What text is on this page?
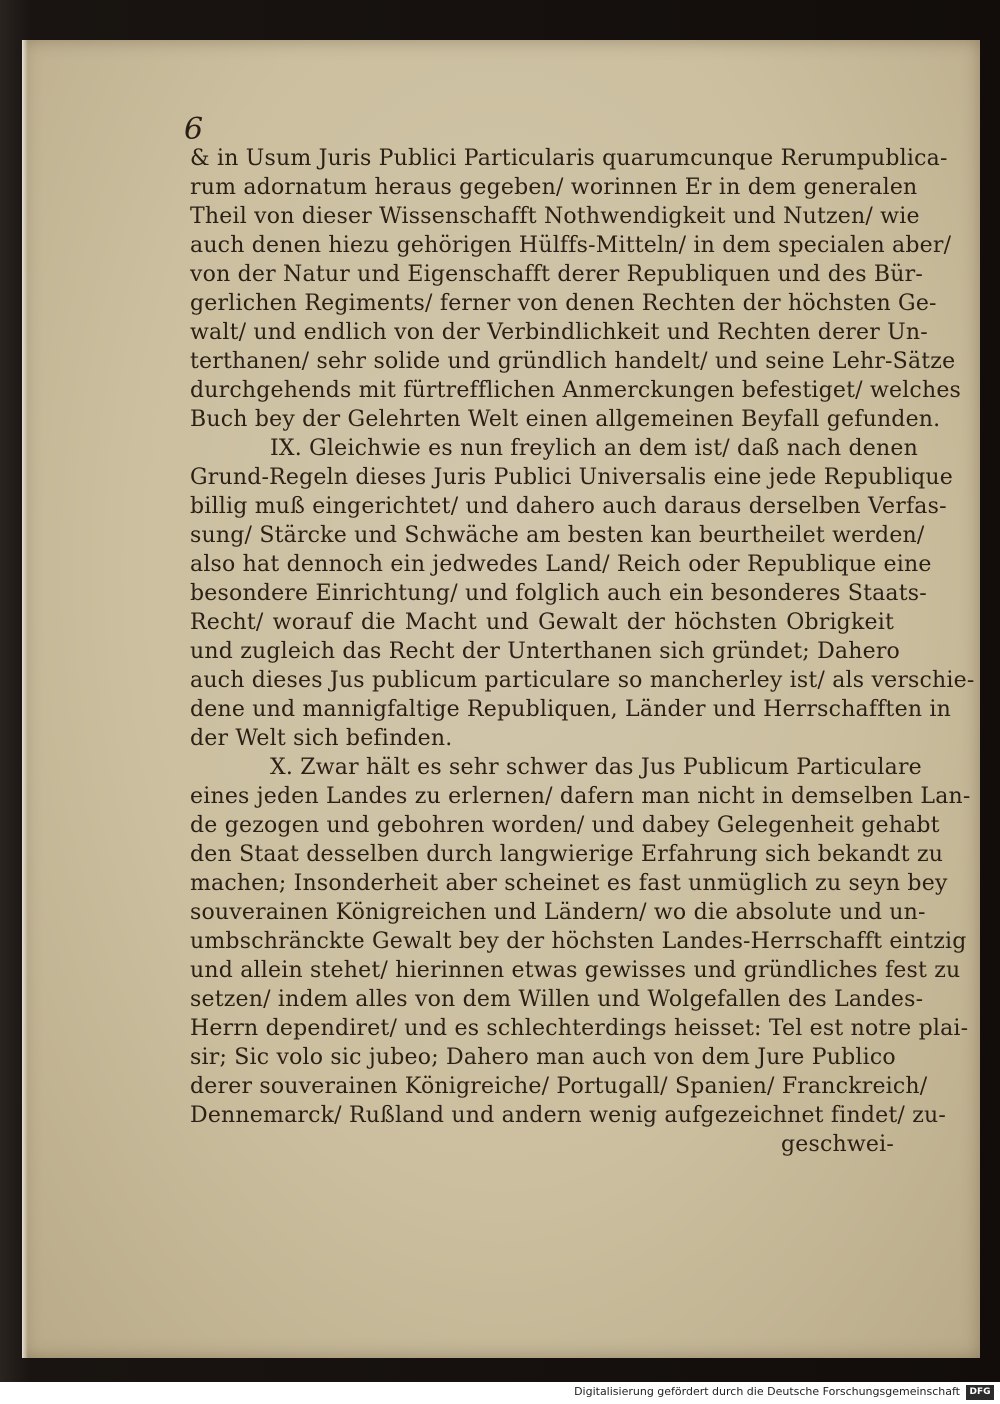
6
& in Usum Juris Publici Particularis quarumcunque Rerumpublica-
rum adornatum heraus gegeben/ worinnen Er in dem generalen
Theil von dieser Wissenschafft Nothwendigkeit und Nutzen/ wie
auch denen hiezu gehörigen Hülffs-Mitteln/ in dem specialen aber/
von der Natur und Eigenschafft derer Republiquen und des Bür-
gerlichen Regiments/ ferner von denen Rechten der höchsten Ge-
walt/ und endlich von der Verbindlichkeit und Rechten derer Un-
terthanen/ sehr solide und gründlich handelt/ und seine Lehr-Sätze
durchgehends mit fürtrefflichen Anmerckungen befestiget/ welches
Buch bey der Gelehrten Welt einen allgemeinen Beyfall gefunden.
IX. Gleichwie es nun freylich an dem ist/ daß nach denen
Grund-Regeln dieses Juris Publici Universalis eine jede Republique
billig muß eingerichtet/ und dahero auch daraus derselben Verfas-
sung/ Stärcke und Schwäche am besten kan beurtheilet werden/
also hat dennoch ein jedwedes Land/ Reich oder Republique eine
besondere Einrichtung/ und folglich auch ein besonderes Staats-
Recht/ worauf die Macht und Gewalt der höchsten Obrigkeit
und zugleich das Recht der Unterthanen sich gründet; Dahero
auch dieses Jus publicum particulare so mancherley ist/ als verschie-
dene und mannigfaltige Republiquen, Länder und Herrschafften in
der Welt sich befinden.
X. Zwar hält es sehr schwer das Jus Publicum Particulare
eines jeden Landes zu erlernen/ dafern man nicht in demselben Lan-
de gezogen und gebohren worden/ und dabey Gelegenheit gehabt
den Staat desselben durch langwierige Erfahrung sich bekandt zu
machen; Insonderheit aber scheinet es fast unmüglich zu seyn bey
souverainen Königreichen und Ländern/ wo die absolute und un-
umbschränckte Gewalt bey der höchsten Landes-Herrschafft eintzig
und allein stehet/ hierinnen etwas gewisses und gründliches fest zu
setzen/ indem alles von dem Willen und Wolgefallen des Landes-
Herrn dependiret/ und es schlechterdings heisset: Tel est notre plai-
sir; Sic volo sic jubeo; Dahero man auch von dem Jure Publico
derer souverainen Königreiche/ Portugall/ Spanien/ Franckreich/
Dennemarck/ Rußland und andern wenig aufgezeichnet findet/ zu-
geschwei-
Digitalisierung gefördert durch die Deutsche Forschungsgemeinschaft	DFG
